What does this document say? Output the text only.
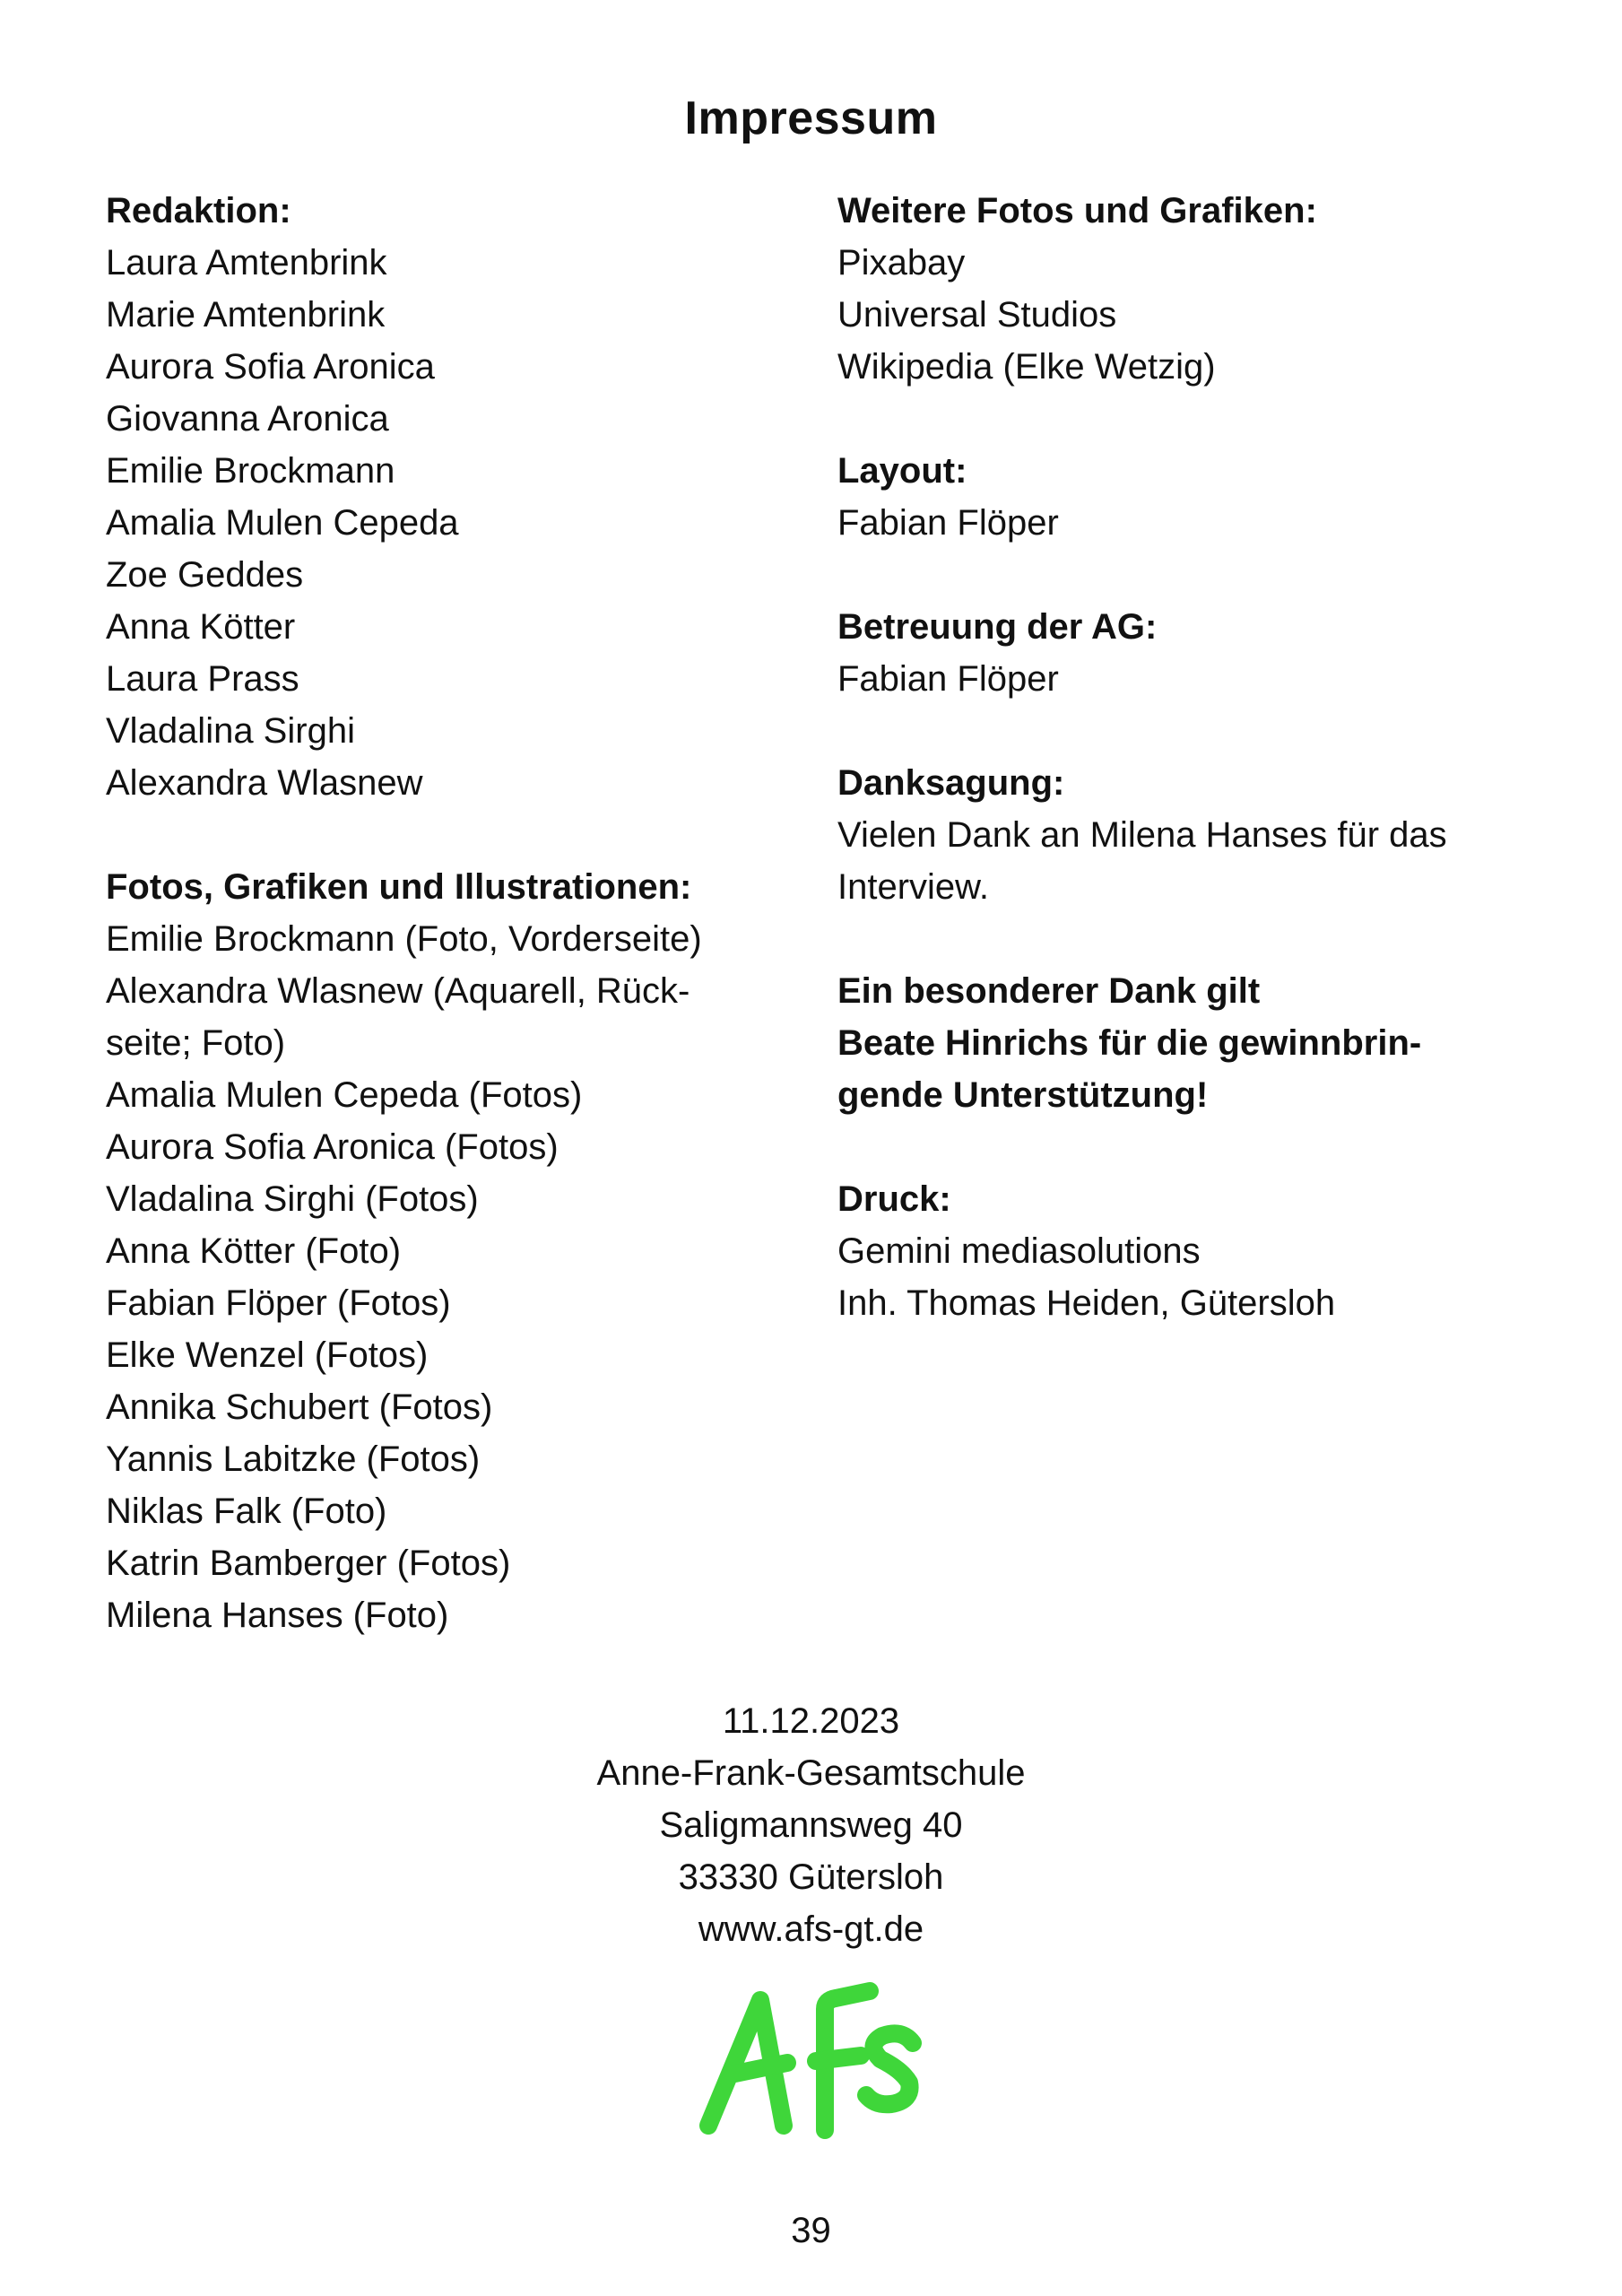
Impressum
Redaktion:
Laura Amtenbrink
Marie Amtenbrink
Aurora Sofia Aronica
Giovanna Aronica
Emilie Brockmann
Amalia Mulen Cepeda
Zoe Geddes
Anna Kötter
Laura Prass
Vladalina Sirghi
Alexandra Wlasnew
Fotos, Grafiken und Illustrationen:
Emilie Brockmann (Foto, Vorderseite)
Alexandra Wlasnew (Aquarell, Rück-
seite; Foto)
Amalia Mulen Cepeda (Fotos)
Aurora Sofia Aronica (Fotos)
Vladalina Sirghi (Fotos)
Anna Kötter (Foto)
Fabian Flöper (Fotos)
Elke Wenzel (Fotos)
Annika Schubert (Fotos)
Yannis Labitzke (Fotos)
Niklas Falk (Foto)
Katrin Bamberger (Fotos)
Milena Hanses (Foto)
Weitere Fotos und Grafiken:
Pixabay
Universal Studios
Wikipedia (Elke Wetzig)
Layout:
Fabian Flöper
Betreuung der AG:
Fabian Flöper
Danksagung:
Vielen Dank an Milena Hanses für das
Interview.
Ein besonderer Dank gilt
Beate Hinrichs für die gewinnbrin-
gende Unterstützung!
Druck:
Gemini mediasolutions
Inh. Thomas Heiden, Gütersloh
11.12.2023
Anne-Frank-Gesamtschule
Saligmannsweg 40
33330 Gütersloh
www.afs-gt.de
39
